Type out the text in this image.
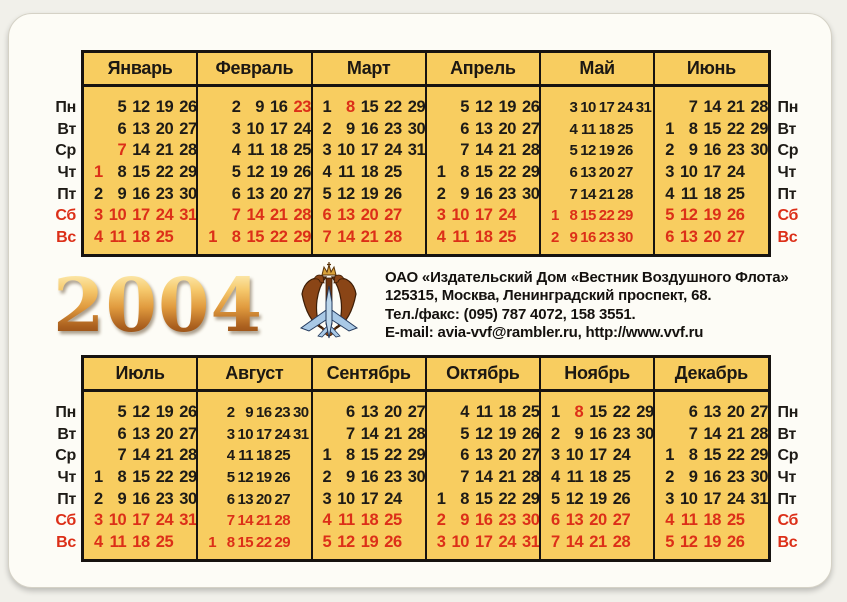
Пн
Вт
Ср
Чт
Пт
Сб
Вс
Январь
5 12 19 26
6 13 20 27
7 14 21 28
1 8 15 22 29
2 9 16 23 30
3 10 17 24 31
4 11 18 25
Февраль
2 9 16 23
3 10 17 24
4 11 18 25
5 12 19 26
6 13 20 27
7 14 21 28
1 8 15 22 29
Март
1 8 15 22 29
2 9 16 23 30
3 10 17 24 31
4 11 18 25
5 12 19 26
6 13 20 27
7 14 21 28
Апрель
5 12 19 26
6 13 20 27
7 14 21 28
1 8 15 22 29
2 9 16 23 30
3 10 17 24
4 11 18 25
Май
3 10 17 24 31
4 11 18 25
5 12 19 26
6 13 20 27
7 14 21 28
1 8 15 22 29
2 9 16 23 30
Июнь
7 14 21 28
1 8 15 22 29
2 9 16 23 30
3 10 17 24
4 11 18 25
5 12 19 26
6 13 20 27
Пн
Вт
Ср
Чт
Пт
Сб
Вс
2004	ОАО «Издательский Дом «Вестник Воздушного Флота»
125315, Москва, Ленинградский проспект, 68.
Тел./факс: (095) 787 4072, 158 3551.
E-mail: avia-vvf@rambler.ru, http://www.vvf.ru
Пн
Вт
Ср
Чт
Пт
Сб
Вс
Июль
5 12 19 26
6 13 20 27
7 14 21 28
1 8 15 22 29
2 9 16 23 30
3 10 17 24 31
4 11 18 25
Август
2 9 16 23 30
3 10 17 24 31
4 11 18 25
5 12 19 26
6 13 20 27
7 14 21 28
1 8 15 22 29
Сентябрь
6 13 20 27
7 14 21 28
1 8 15 22 29
2 9 16 23 30
3 10 17 24
4 11 18 25
5 12 19 26
Октябрь
4 11 18 25
5 12 19 26
6 13 20 27
7 14 21 28
1 8 15 22 29
2 9 16 23 30
3 10 17 24 31
Ноябрь
1 8 15 22 29
2 9 16 23 30
3 10 17 24
4 11 18 25
5 12 19 26
6 13 20 27
7 14 21 28
Декабрь
6 13 20 27
7 14 21 28
1 8 15 22 29
2 9 16 23 30
3 10 17 24 31
4 11 18 25
5 12 19 26
Пн
Вт
Ср
Чт
Пт
Сб
Вс
